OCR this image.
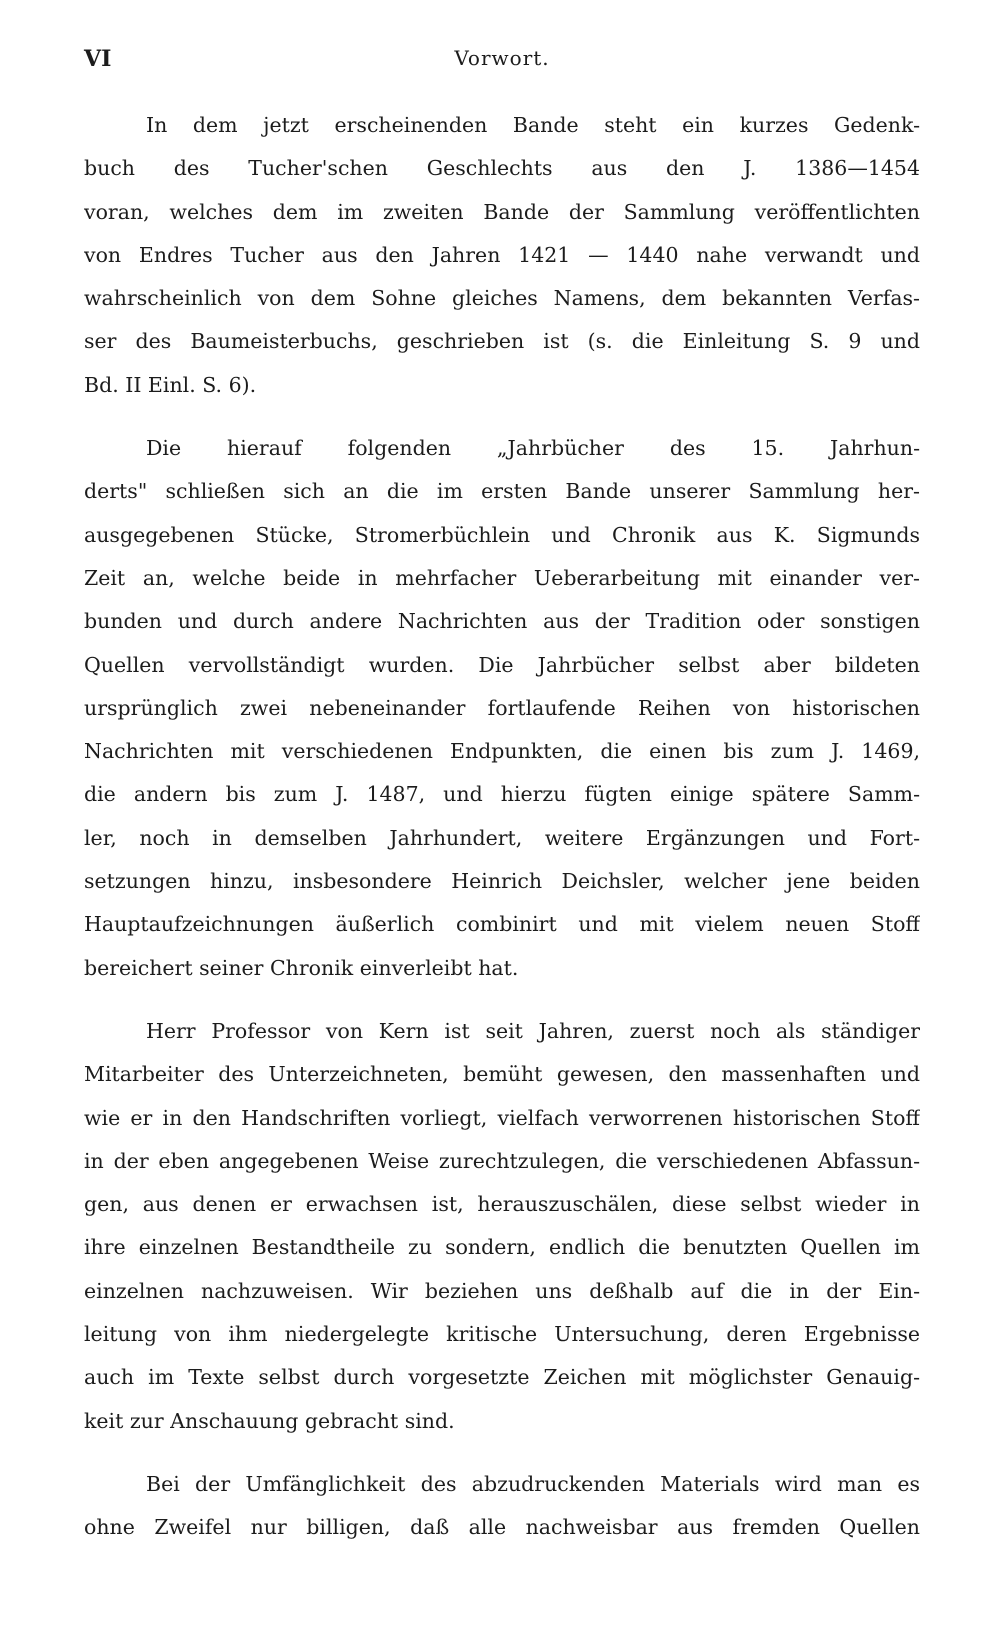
VI	Vorwort.

In dem jetzt erscheinenden Bande steht ein kurzes Gedenk-
buch des Tucher'schen Geschlechts aus den J. 1386—1454
voran, welches dem im zweiten Bande der Sammlung veröffentlichten
von Endres Tucher aus den Jahren 1421 — 1440 nahe verwandt und
wahrscheinlich von dem Sohne gleiches Namens, dem bekannten Verfas-
ser des Baumeisterbuchs, geschrieben ist (s. die Einleitung S. 9 und
Bd. II Einl. S. 6).

Die hierauf folgenden „Jahrbücher des 15. Jahrhun-
derts" schließen sich an die im ersten Bande unserer Sammlung her-
ausgegebenen Stücke, Stromerbüchlein und Chronik aus K. Sigmunds
Zeit an, welche beide in mehrfacher Ueberarbeitung mit einander ver-
bunden und durch andere Nachrichten aus der Tradition oder sonstigen
Quellen vervollständigt wurden. Die Jahrbücher selbst aber bildeten
ursprünglich zwei nebeneinander fortlaufende Reihen von historischen
Nachrichten mit verschiedenen Endpunkten, die einen bis zum J. 1469,
die andern bis zum J. 1487, und hierzu fügten einige spätere Samm-
ler, noch in demselben Jahrhundert, weitere Ergänzungen und Fort-
setzungen hinzu, insbesondere Heinrich Deichsler, welcher jene beiden
Hauptaufzeichnungen äußerlich combinirt und mit vielem neuen Stoff
bereichert seiner Chronik einverleibt hat.

Herr Professor von Kern ist seit Jahren, zuerst noch als ständiger
Mitarbeiter des Unterzeichneten, bemüht gewesen, den massenhaften und
wie er in den Handschriften vorliegt, vielfach verworrenen historischen Stoff
in der eben angegebenen Weise zurechtzulegen, die verschiedenen Abfassun-
gen, aus denen er erwachsen ist, herauszuschälen, diese selbst wieder in
ihre einzelnen Bestandtheile zu sondern, endlich die benutzten Quellen im
einzelnen nachzuweisen. Wir beziehen uns deßhalb auf die in der Ein-
leitung von ihm niedergelegte kritische Untersuchung, deren Ergebnisse
auch im Texte selbst durch vorgesetzte Zeichen mit möglichster Genauig-
keit zur Anschauung gebracht sind.

Bei der Umfänglichkeit des abzudruckenden Materials wird man es
ohne Zweifel nur billigen, daß alle nachweisbar aus fremden Quellen
